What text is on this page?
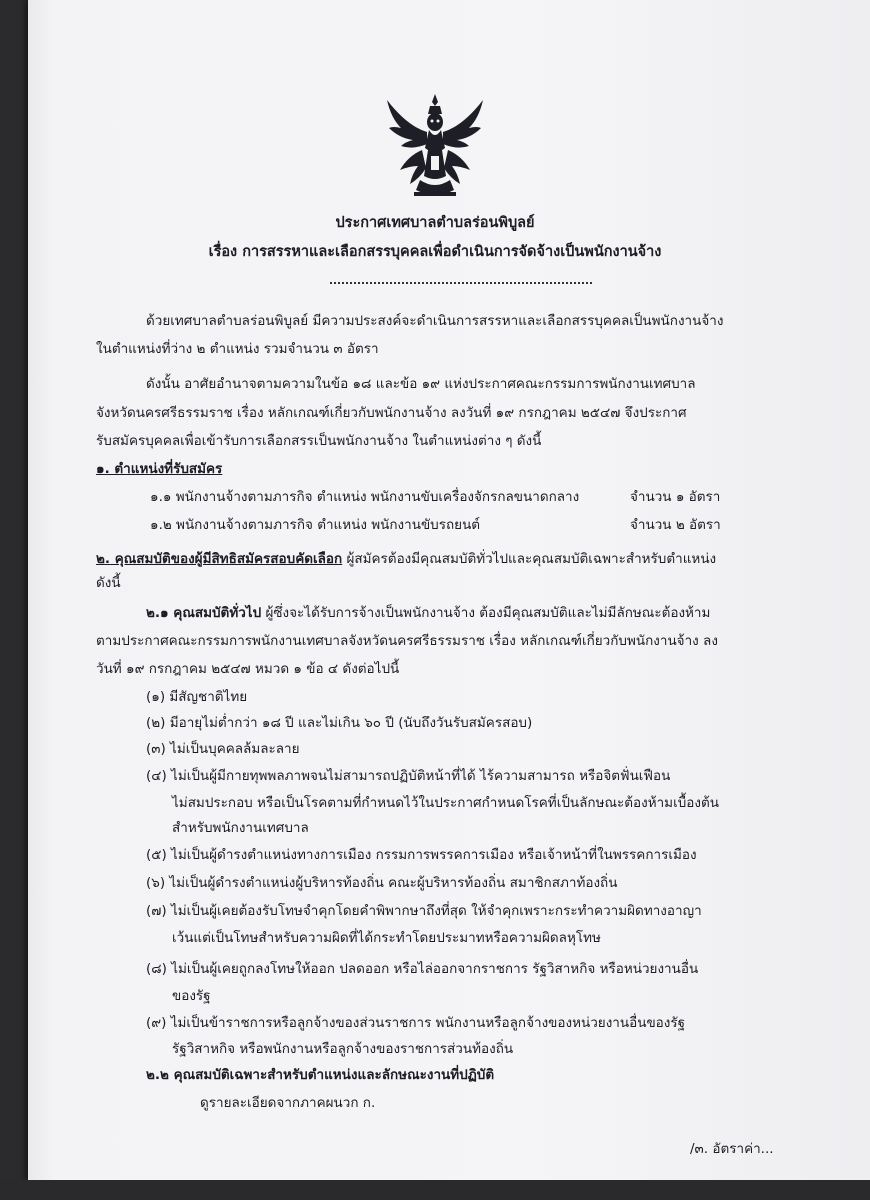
ประกาศเทศบาลตำบลร่อนพิบูลย์
เรื่อง การสรรหาและเลือกสรรบุคคลเพื่อดำเนินการจัดจ้างเป็นพนักงานจ้าง
ด้วยเทศบาลตำบลร่อนพิบูลย์ มีความประสงค์จะดำเนินการสรรหาและเลือกสรรบุคคลเป็นพนักงานจ้าง
ในตำแหน่งที่ว่าง ๒ ตำแหน่ง รวมจำนวน ๓ อัตรา
ดังนั้น อาศัยอำนาจตามความในข้อ ๑๘ และข้อ ๑๙ แห่งประกาศคณะกรรมการพนักงานเทศบาล
จังหวัดนครศรีธรรมราช เรื่อง หลักเกณฑ์เกี่ยวกับพนักงานจ้าง ลงวันที่ ๑๙ กรกฎาคม ๒๕๔๗ จึงประกาศ
รับสมัครบุคคลเพื่อเข้ารับการเลือกสรรเป็นพนักงานจ้าง ในตำแหน่งต่าง ๆ ดังนี้
๑. ตำแหน่งที่รับสมัคร
๑.๑ พนักงานจ้างตามภารกิจ ตำแหน่ง พนักงานขับเครื่องจักรกลขนาดกลาง	จำนวน ๑ อัตรา
๑.๒ พนักงานจ้างตามภารกิจ ตำแหน่ง พนักงานขับรถยนต์	จำนวน ๒ อัตรา
๒. คุณสมบัติของผู้มีสิทธิสมัครสอบคัดเลือก ผู้สมัครต้องมีคุณสมบัติทั่วไปและคุณสมบัติเฉพาะสำหรับตำแหน่ง
ดังนี้
๒.๑ คุณสมบัติทั่วไป ผู้ซึ่งจะได้รับการจ้างเป็นพนักงานจ้าง ต้องมีคุณสมบัติและไม่มีลักษณะต้องห้าม
ตามประกาศคณะกรรมการพนักงานเทศบาลจังหวัดนครศรีธรรมราช เรื่อง หลักเกณฑ์เกี่ยวกับพนักงานจ้าง ลง
วันที่ ๑๙ กรกฎาคม ๒๕๔๗ หมวด ๑ ข้อ ๔ ดังต่อไปนี้
(๑) มีสัญชาติไทย
(๒) มีอายุไม่ต่ำกว่า ๑๘ ปี และไม่เกิน ๖๐ ปี (นับถึงวันรับสมัครสอบ)
(๓) ไม่เป็นบุคคลล้มละลาย
(๔) ไม่เป็นผู้มีกายทุพพลภาพจนไม่สามารถปฏิบัติหน้าที่ได้ ไร้ความสามารถ หรือจิตฟั่นเฟือน
ไม่สมประกอบ หรือเป็นโรคตามที่กำหนดไว้ในประกาศกำหนดโรคที่เป็นลักษณะต้องห้ามเบื้องต้น
สำหรับพนักงานเทศบาล
(๕) ไม่เป็นผู้ดำรงตำแหน่งทางการเมือง กรรมการพรรคการเมือง หรือเจ้าหน้าที่ในพรรคการเมือง
(๖) ไม่เป็นผู้ดำรงตำแหน่งผู้บริหารท้องถิ่น คณะผู้บริหารท้องถิ่น สมาชิกสภาท้องถิ่น
(๗) ไม่เป็นผู้เคยต้องรับโทษจำคุกโดยคำพิพากษาถึงที่สุด ให้จำคุกเพราะกระทำความผิดทางอาญา
เว้นแต่เป็นโทษสำหรับความผิดที่ได้กระทำโดยประมาทหรือความผิดลหุโทษ
(๘) ไม่เป็นผู้เคยถูกลงโทษให้ออก ปลดออก หรือไล่ออกจากราชการ รัฐวิสาหกิจ หรือหน่วยงานอื่น
ของรัฐ
(๙) ไม่เป็นข้าราชการหรือลูกจ้างของส่วนราชการ พนักงานหรือลูกจ้างของหน่วยงานอื่นของรัฐ
รัฐวิสาหกิจ หรือพนักงานหรือลูกจ้างของราชการส่วนท้องถิ่น
๒.๒ คุณสมบัติเฉพาะสำหรับตำแหน่งและลักษณะงานที่ปฏิบัติ
ดูรายละเอียดจากภาคผนวก ก.
/๓. อัตราค่า...
